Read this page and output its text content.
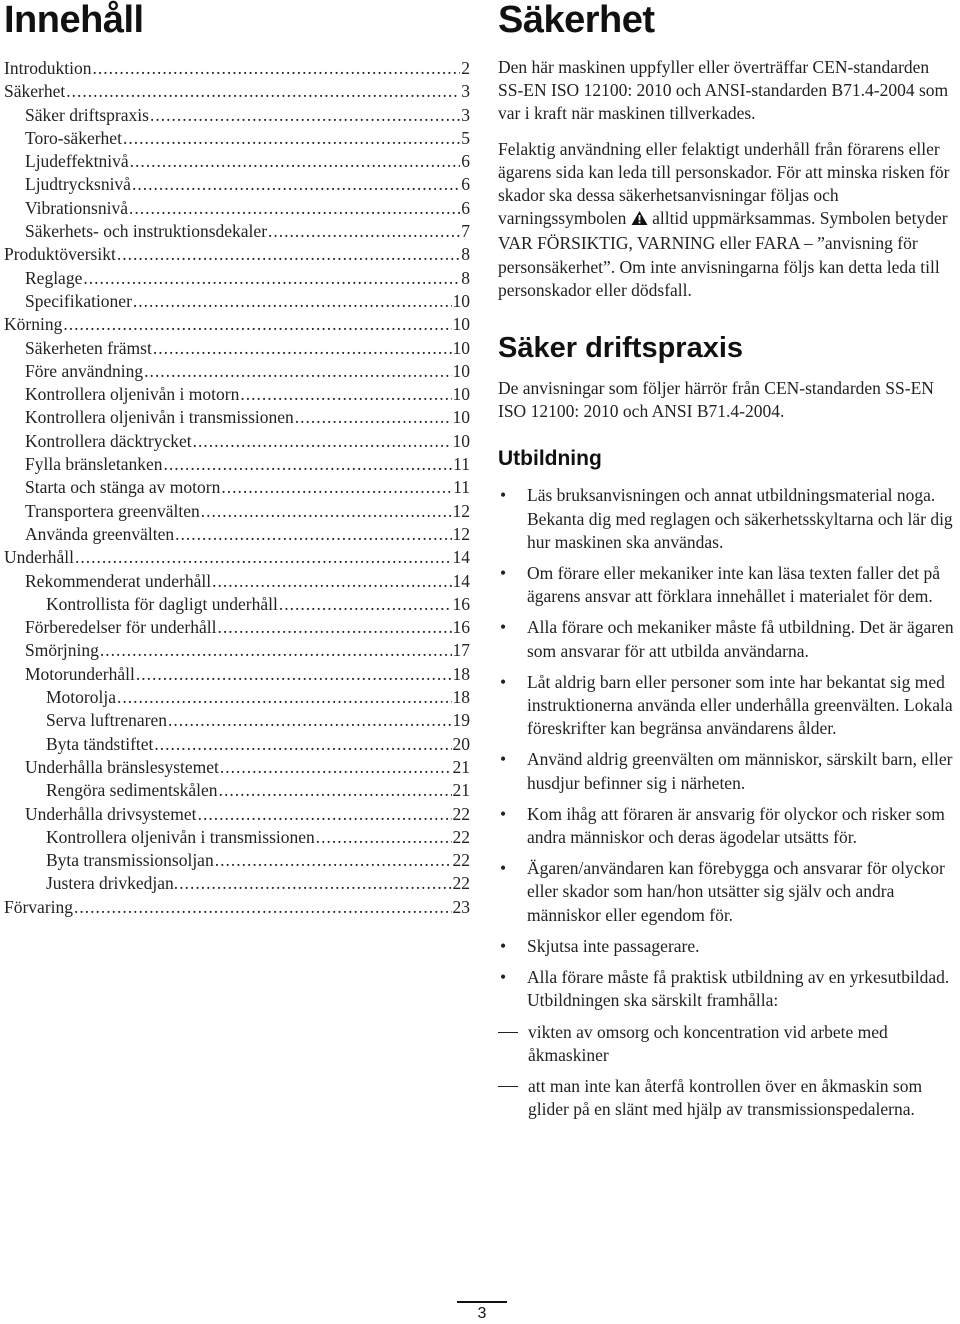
Innehåll
Introduktion .....	2
Säkerhet .....	3
Säker driftspraxis .....	3
Toro-säkerhet .....	5
Ljudeffektnivå .....	6
Ljudtrycksnivå .....	6
Vibrationsnivå .....	6
Säkerhets- och instruktionsdekaler .....	7
Produktöversikt .....	8
Reglage .....	8
Specifikationer .....	10
Körning .....	10
Säkerheten främst .....	10
Före användning .....	10
Kontrollera oljenivån i motorn .....	10
Kontrollera oljenivån i transmissionen .....	10
Kontrollera däcktrycket .....	10
Fylla bränsletanken .....	11
Starta och stänga av motorn .....	11
Transportera greenvälten .....	12
Använda greenvälten .....	12
Underhåll .....	14
Rekommenderat underhåll .....	14
Kontrollista för dagligt underhåll .....	16
Förberedelser för underhåll .....	16
Smörjning .....	17
Motorunderhåll .....	18
Motorolja .....	18
Serva luftrenaren .....	19
Byta tändstiftet .....	20
Underhålla bränslesystemet .....	21
Rengöra sedimentskålen .....	21
Underhålla drivsystemet .....	22
Kontrollera oljenivån i transmissionen .....	22
Byta transmissionsoljan .....	22
Justera drivkedjan. .....	22
Förvaring .....	23
Säkerhet

Den här maskinen uppfyller eller överträffar CEN-standarden SS-EN ISO 12100: 2010 och ANSI-standarden B71.4-2004 som var i kraft när maskinen tillverkades.

Felaktig användning eller felaktigt underhåll från förarens eller ägarens sida kan leda till personskador. För att minska risken för skador ska dessa säkerhetsanvisningar följas och varningssymbolen alltid uppmärksammas. Symbolen betyder VAR FÖRSIKTIG, VARNING eller FARA – ”anvisning för personsäkerhet”. Om inte anvisningarna följs kan detta leda till personskador eller dödsfall.

Säker driftspraxis

De anvisningar som följer härrör från CEN-standarden SS-EN ISO 12100: 2010 och ANSI B71.4-2004.

Utbildning
• Läs bruksanvisningen och annat utbildningsmaterial noga. Bekanta dig med reglagen och säkerhetsskyltarna och lär dig hur maskinen ska användas.
• Om förare eller mekaniker inte kan läsa texten faller det på ägarens ansvar att förklara innehållet i materialet för dem.
• Alla förare och mekaniker måste få utbildning. Det är ägaren som ansvarar för att utbilda användarna.
• Låt aldrig barn eller personer som inte har bekantat sig med instruktionerna använda eller underhålla greenvälten. Lokala föreskrifter kan begränsa användarens ålder.
• Använd aldrig greenvälten om människor, särskilt barn, eller husdjur befinner sig i närheten.
• Kom ihåg att föraren är ansvarig för olyckor och risker som andra människor och deras ägodelar utsätts för.
• Ägaren/användaren kan förebygga och ansvarar för olyckor eller skador som han/hon utsätter sig själv och andra människor eller egendom för.
• Skjutsa inte passagerare.
• Alla förare måste få praktisk utbildning av en yrkesutbildad. Utbildningen ska särskilt framhålla:
vikten av omsorg och koncentration vid arbete med åkmaskiner
att man inte kan återfå kontrollen över en åkmaskin som glider på en slänt med hjälp av transmissionspedalerna.
3
